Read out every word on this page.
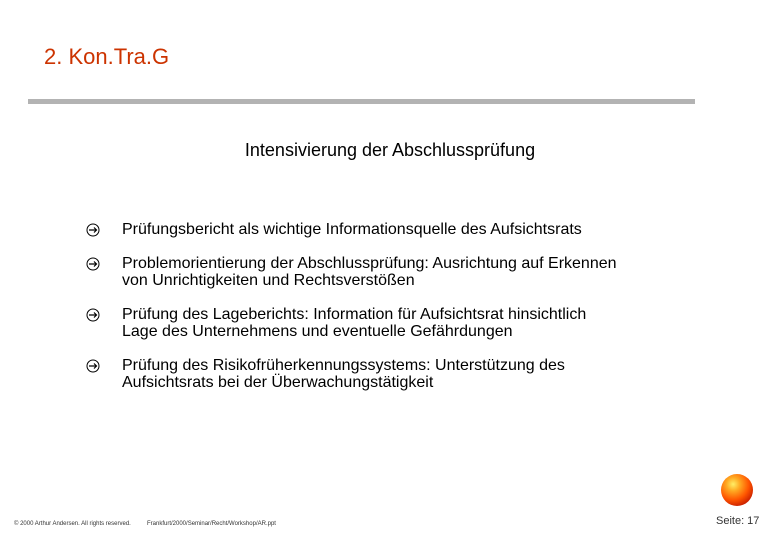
2. Kon.Tra.G
Intensivierung der Abschlussprüfung
Prüfungsbericht als wichtige Informationsquelle des Aufsichtsrats
Problemorientierung der Abschlussprüfung: Ausrichtung auf Erkennen
von Unrichtigkeiten und Rechtsverstößen
Prüfung des Lageberichts: Information für Aufsichtsrat hinsichtlich
Lage des Unternehmens und eventuelle Gefährdungen
Prüfung des Risikofrüherkennungssystems: Unterstützung des
Aufsichtsrats bei der Überwachungstätigkeit
© 2000 Arthur Andersen. All rights reserved.	Frankfurt/2000/Seminar/Recht/Workshop/AR.ppt	Seite: 17
